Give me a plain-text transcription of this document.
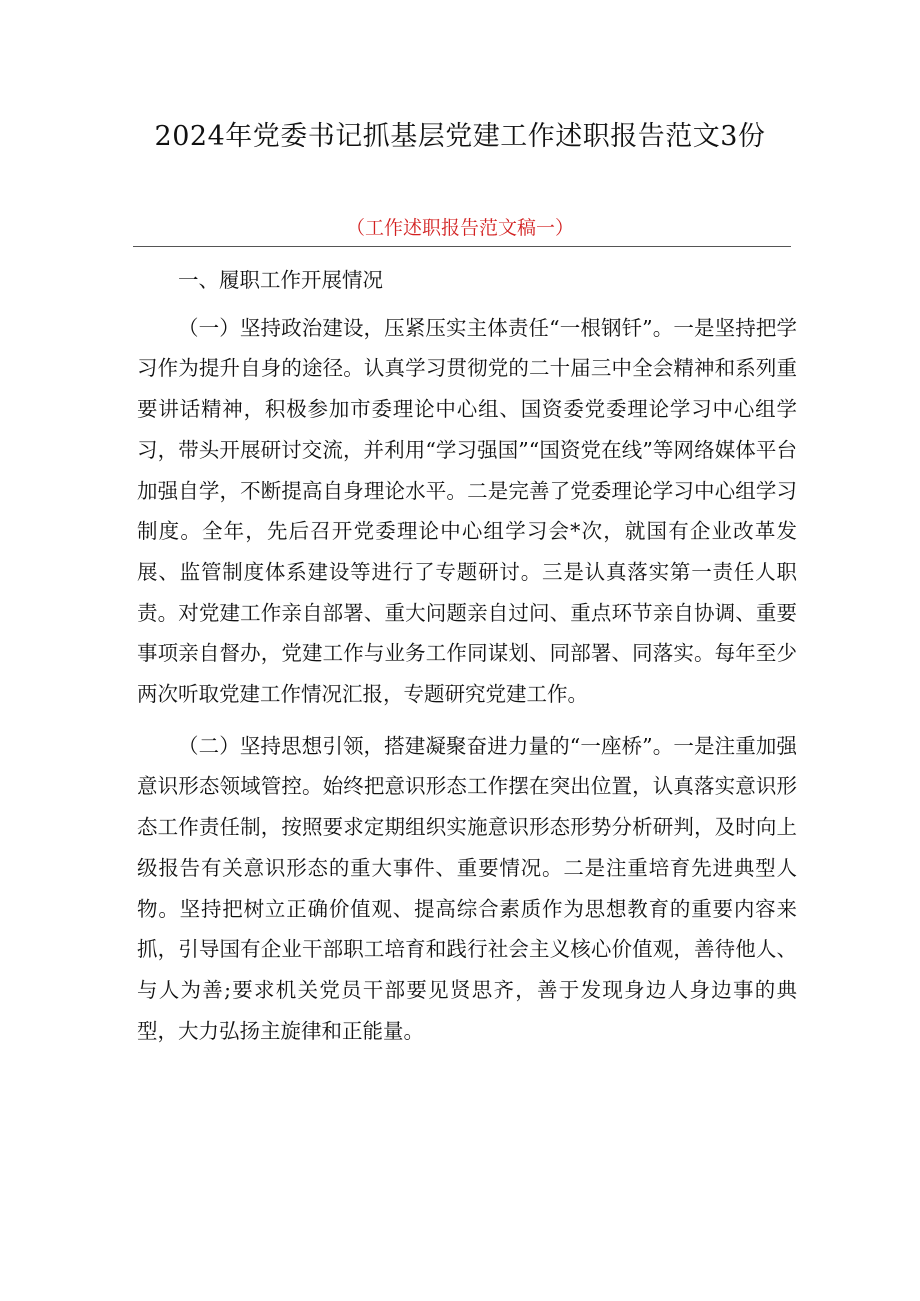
2024年党委书记抓基层党建工作述职报告范文3份
（工作述职报告范文稿一）

一、履职工作开展情况

（一）坚持政治建设，压紧压实主体责任“一根钢钎”。一是坚持把学习作为提升自身的途径。认真学习贯彻党的二十届三中全会精神和系列重要讲话精神，积极参加市委理论中心组、国资委党委理论学习中心组学习，带头开展研讨交流，并利用“学习强国”“国资党在线”等网络媒体平台加强自学，不断提高自身理论水平。二是完善了党委理论学习中心组学习制度。全年，先后召开党委理论中心组学习会*次，就国有企业改革发展、监管制度体系建设等进行了专题研讨。三是认真落实第一责任人职责。对党建工作亲自部署、重大问题亲自过问、重点环节亲自协调、重要事项亲自督办，党建工作与业务工作同谋划、同部署、同落实。每年至少两次听取党建工作情况汇报，专题研究党建工作。

（二）坚持思想引领，搭建凝聚奋进力量的“一座桥”。一是注重加强意识形态领域管控。始终把意识形态工作摆在突出位置，认真落实意识形态工作责任制，按照要求定期组织实施意识形态形势分析研判，及时向上级报告有关意识形态的重大事件、重要情况。二是注重培育先进典型人物。坚持把树立正确价值观、提高综合素质作为思想教育的重要内容来抓，引导国有企业干部职工培育和践行社会主义核心价值观，善待他人、与人为善;要求机关党员干部要见贤思齐，善于发现身边人身边事的典型，大力弘扬主旋律和正能量。
